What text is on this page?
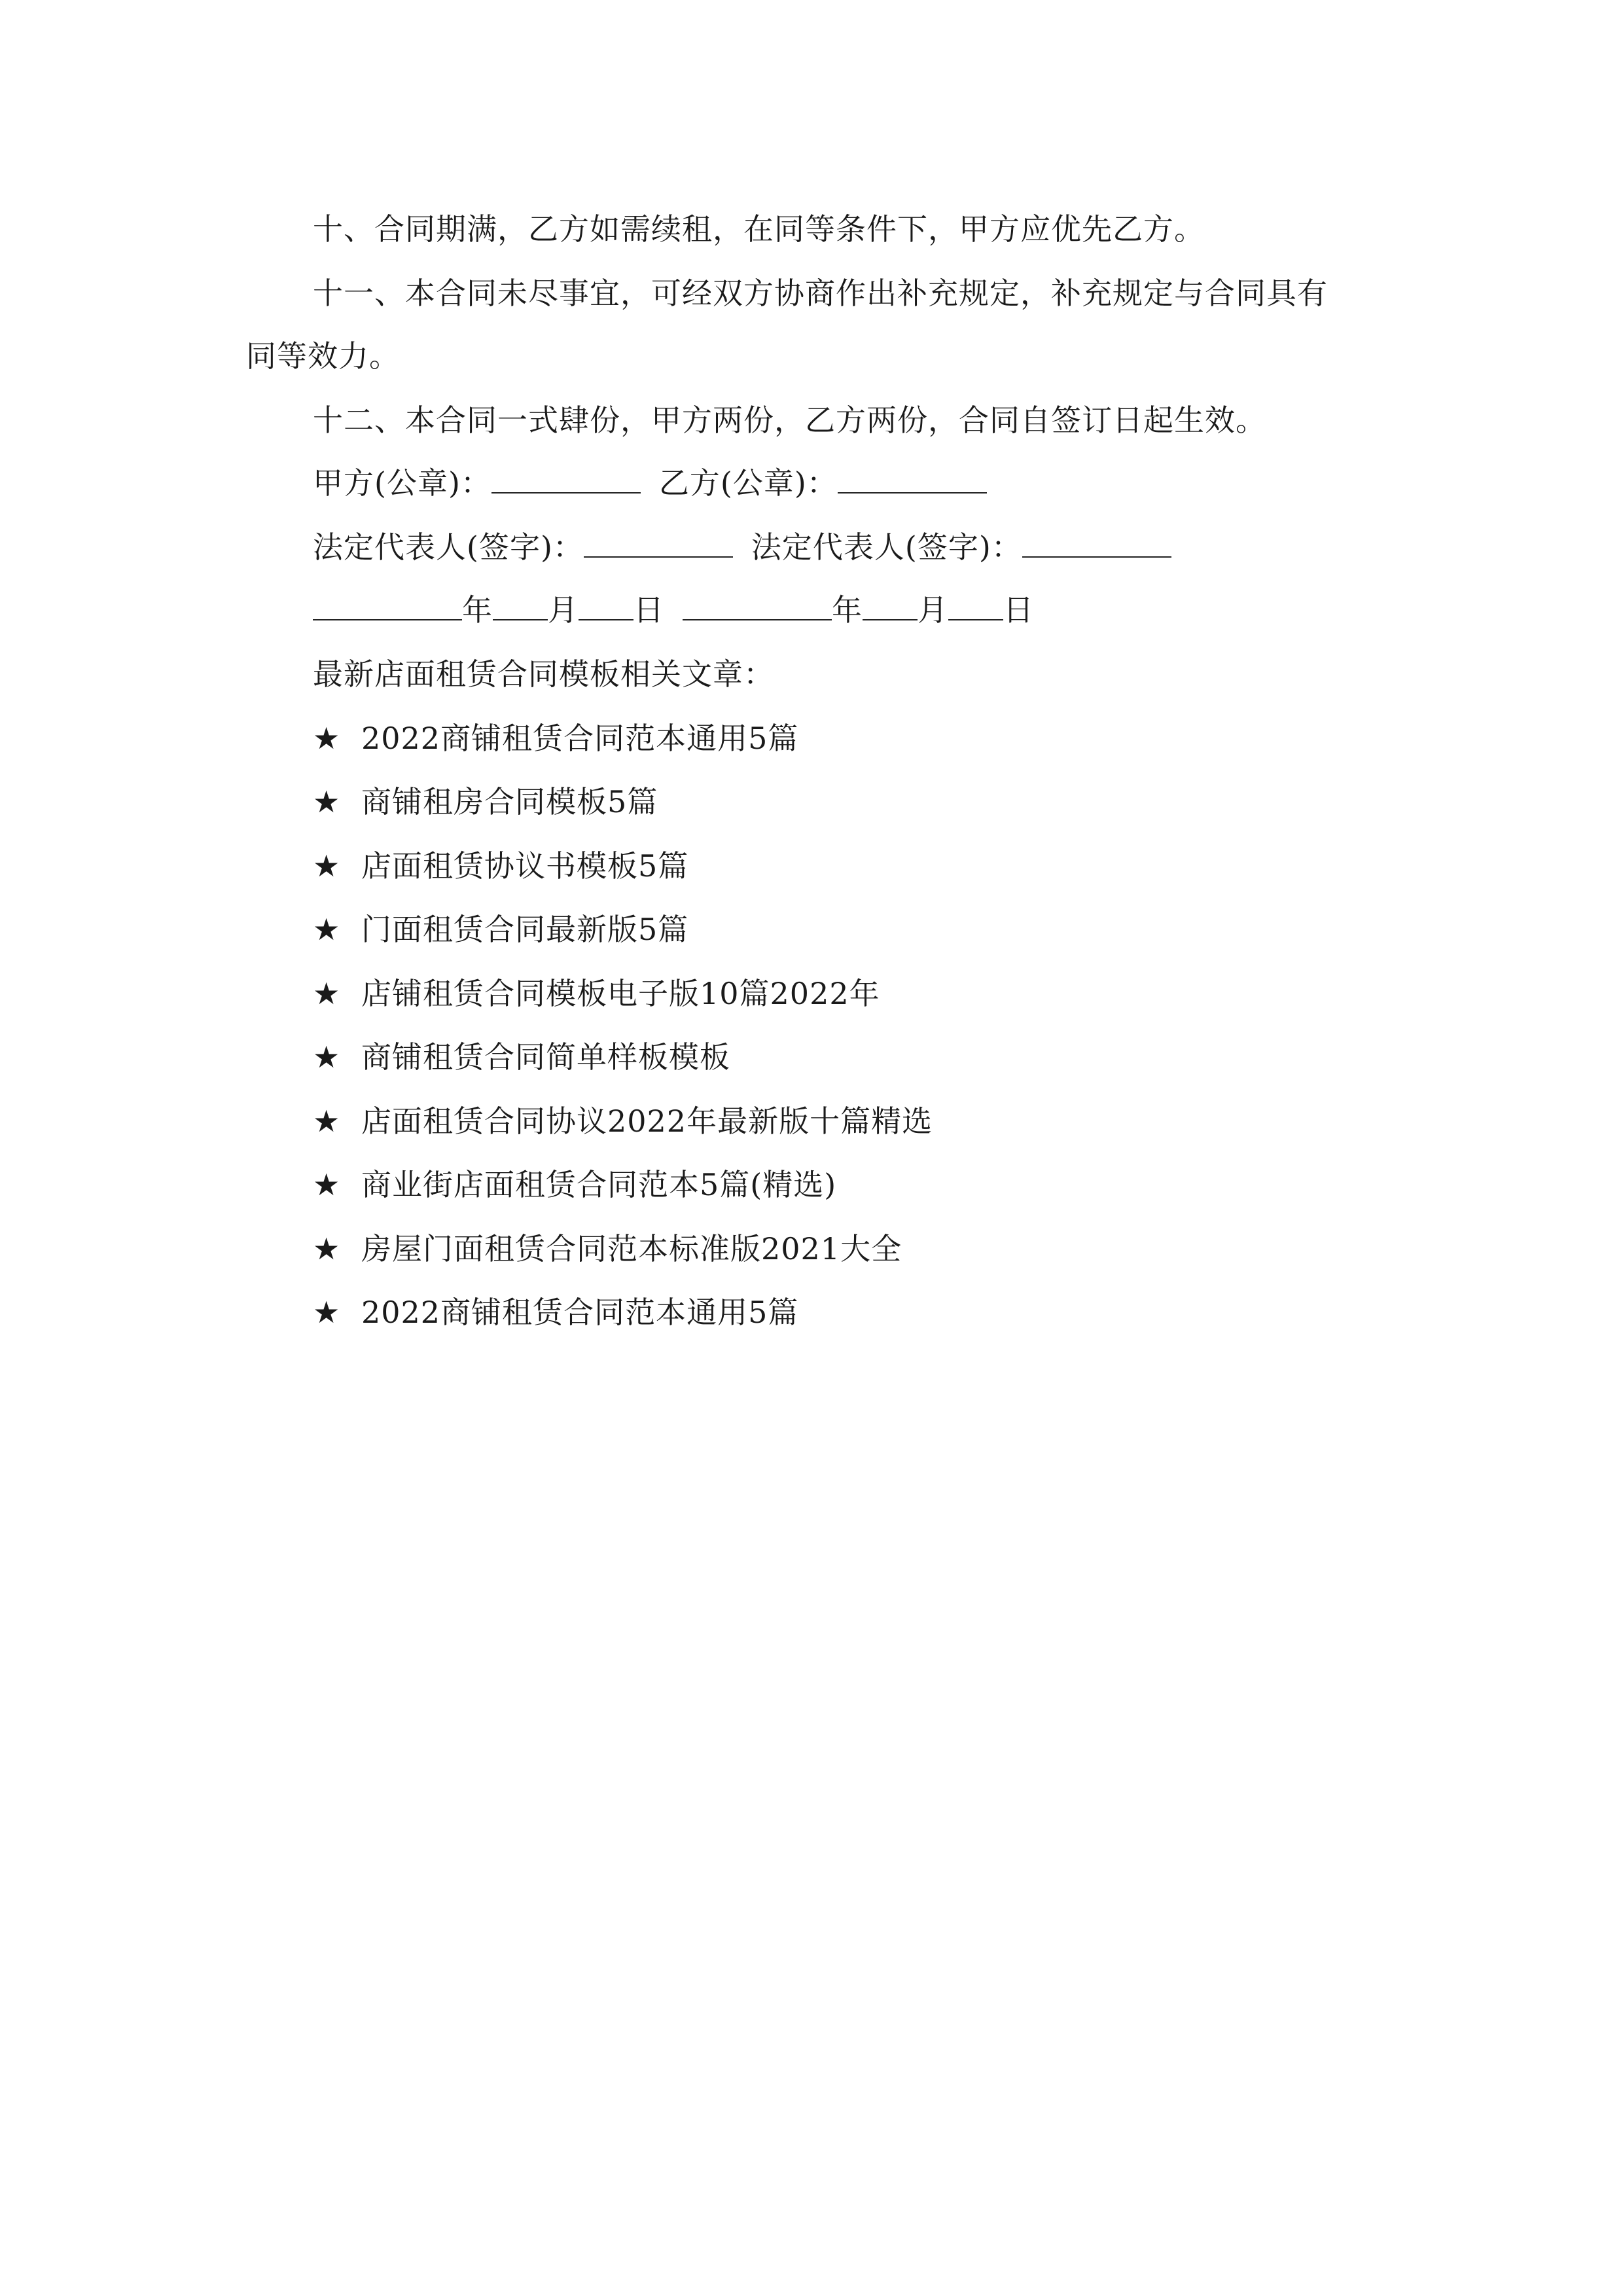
十、合同期满，乙方如需续租，在同等条件下，甲方应优先乙方。
十一、本合同未尽事宜，可经双方协商作出补充规定，补充规定与合同具有
同等效力。
十二、本合同一式肆份，甲方两份，乙方两份，合同自签订日起生效。
甲方(公章)：	乙方(公章)：
法定代表人(签字)：	法定代表人(签字)：
年 月 日	年 月 日
最新店面租赁合同模板相关文章：
★ 2022商铺租赁合同范本通用5篇
★ 商铺租房合同模板5篇
★ 店面租赁协议书模板5篇
★ 门面租赁合同最新版5篇
★ 店铺租赁合同模板电子版10篇2022年
★ 商铺租赁合同简单样板模板
★ 店面租赁合同协议2022年最新版十篇精选
★ 商业街店面租赁合同范本5篇(精选)
★ 房屋门面租赁合同范本标准版2021大全
★ 2022商铺租赁合同范本通用5篇
